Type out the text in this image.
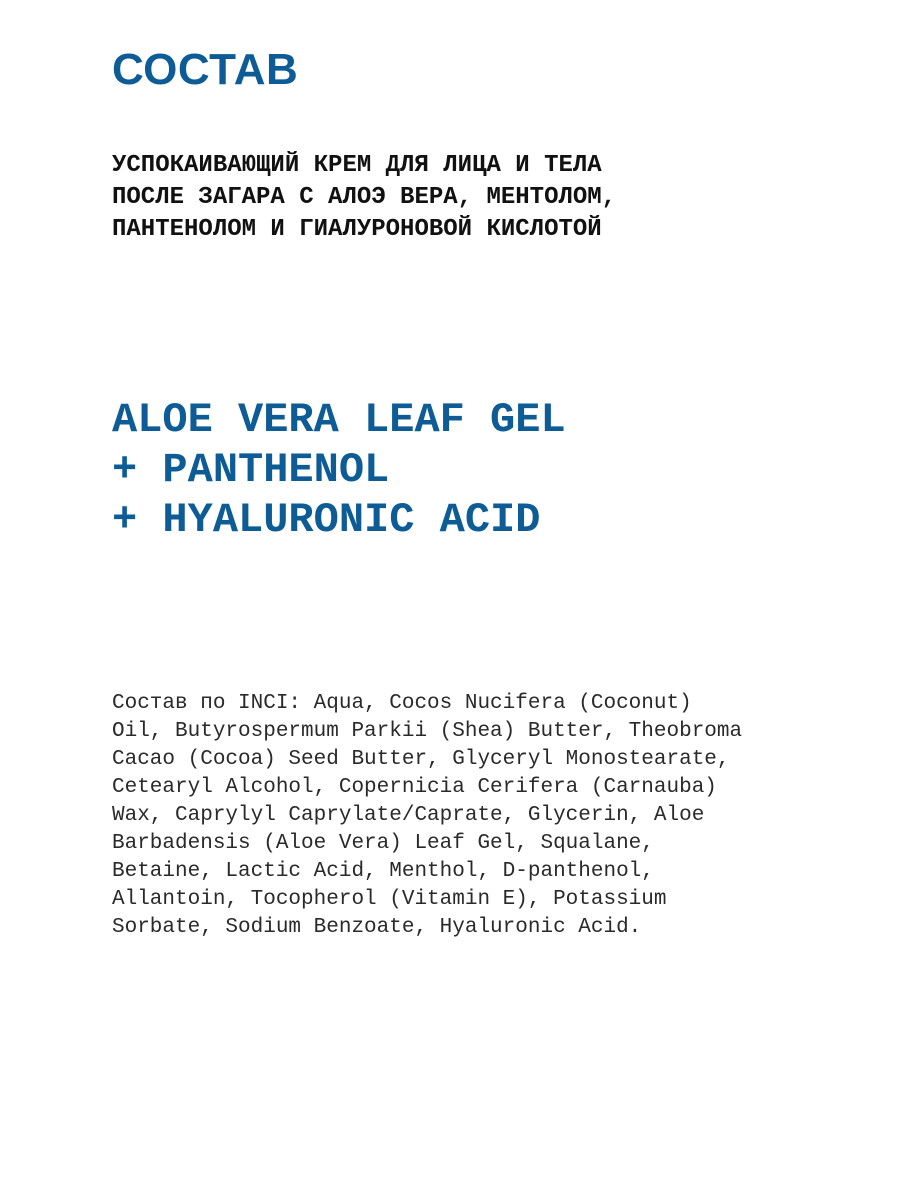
СОСТАВ
УСПОКАИВАЮЩИЙ КРЕМ ДЛЯ ЛИЦА И ТЕЛА
ПОСЛЕ ЗАГАРА С АЛОЭ ВЕРА, МЕНТОЛОМ,
ПАНТЕНОЛОМ И ГИАЛУРОНОВОЙ КИСЛОТОЙ
ALOE VERA LEAF GEL
+ PANTHENOL
+ HYALURONIC ACID
Состав по INCI: Aqua, Cocos Nucifera (Coconut)
Oil, Butyrospermum Parkii (Shea) Butter, Theobroma
Cacao (Cocoa) Seed Butter, Glyceryl Monostearate,
Cetearyl Alcohol, Copernicia Cerifera (Carnauba)
Wax, Caprylyl Caprylate/Caprate, Glycerin, Aloe
Barbadensis (Aloe Vera) Leaf Gel, Squalane,
Betaine, Lactic Acid, Menthol, D-panthenol,
Allantoin, Tocopherol (Vitamin E), Potassium
Sorbate, Sodium Benzoate, Hyaluronic Acid.
